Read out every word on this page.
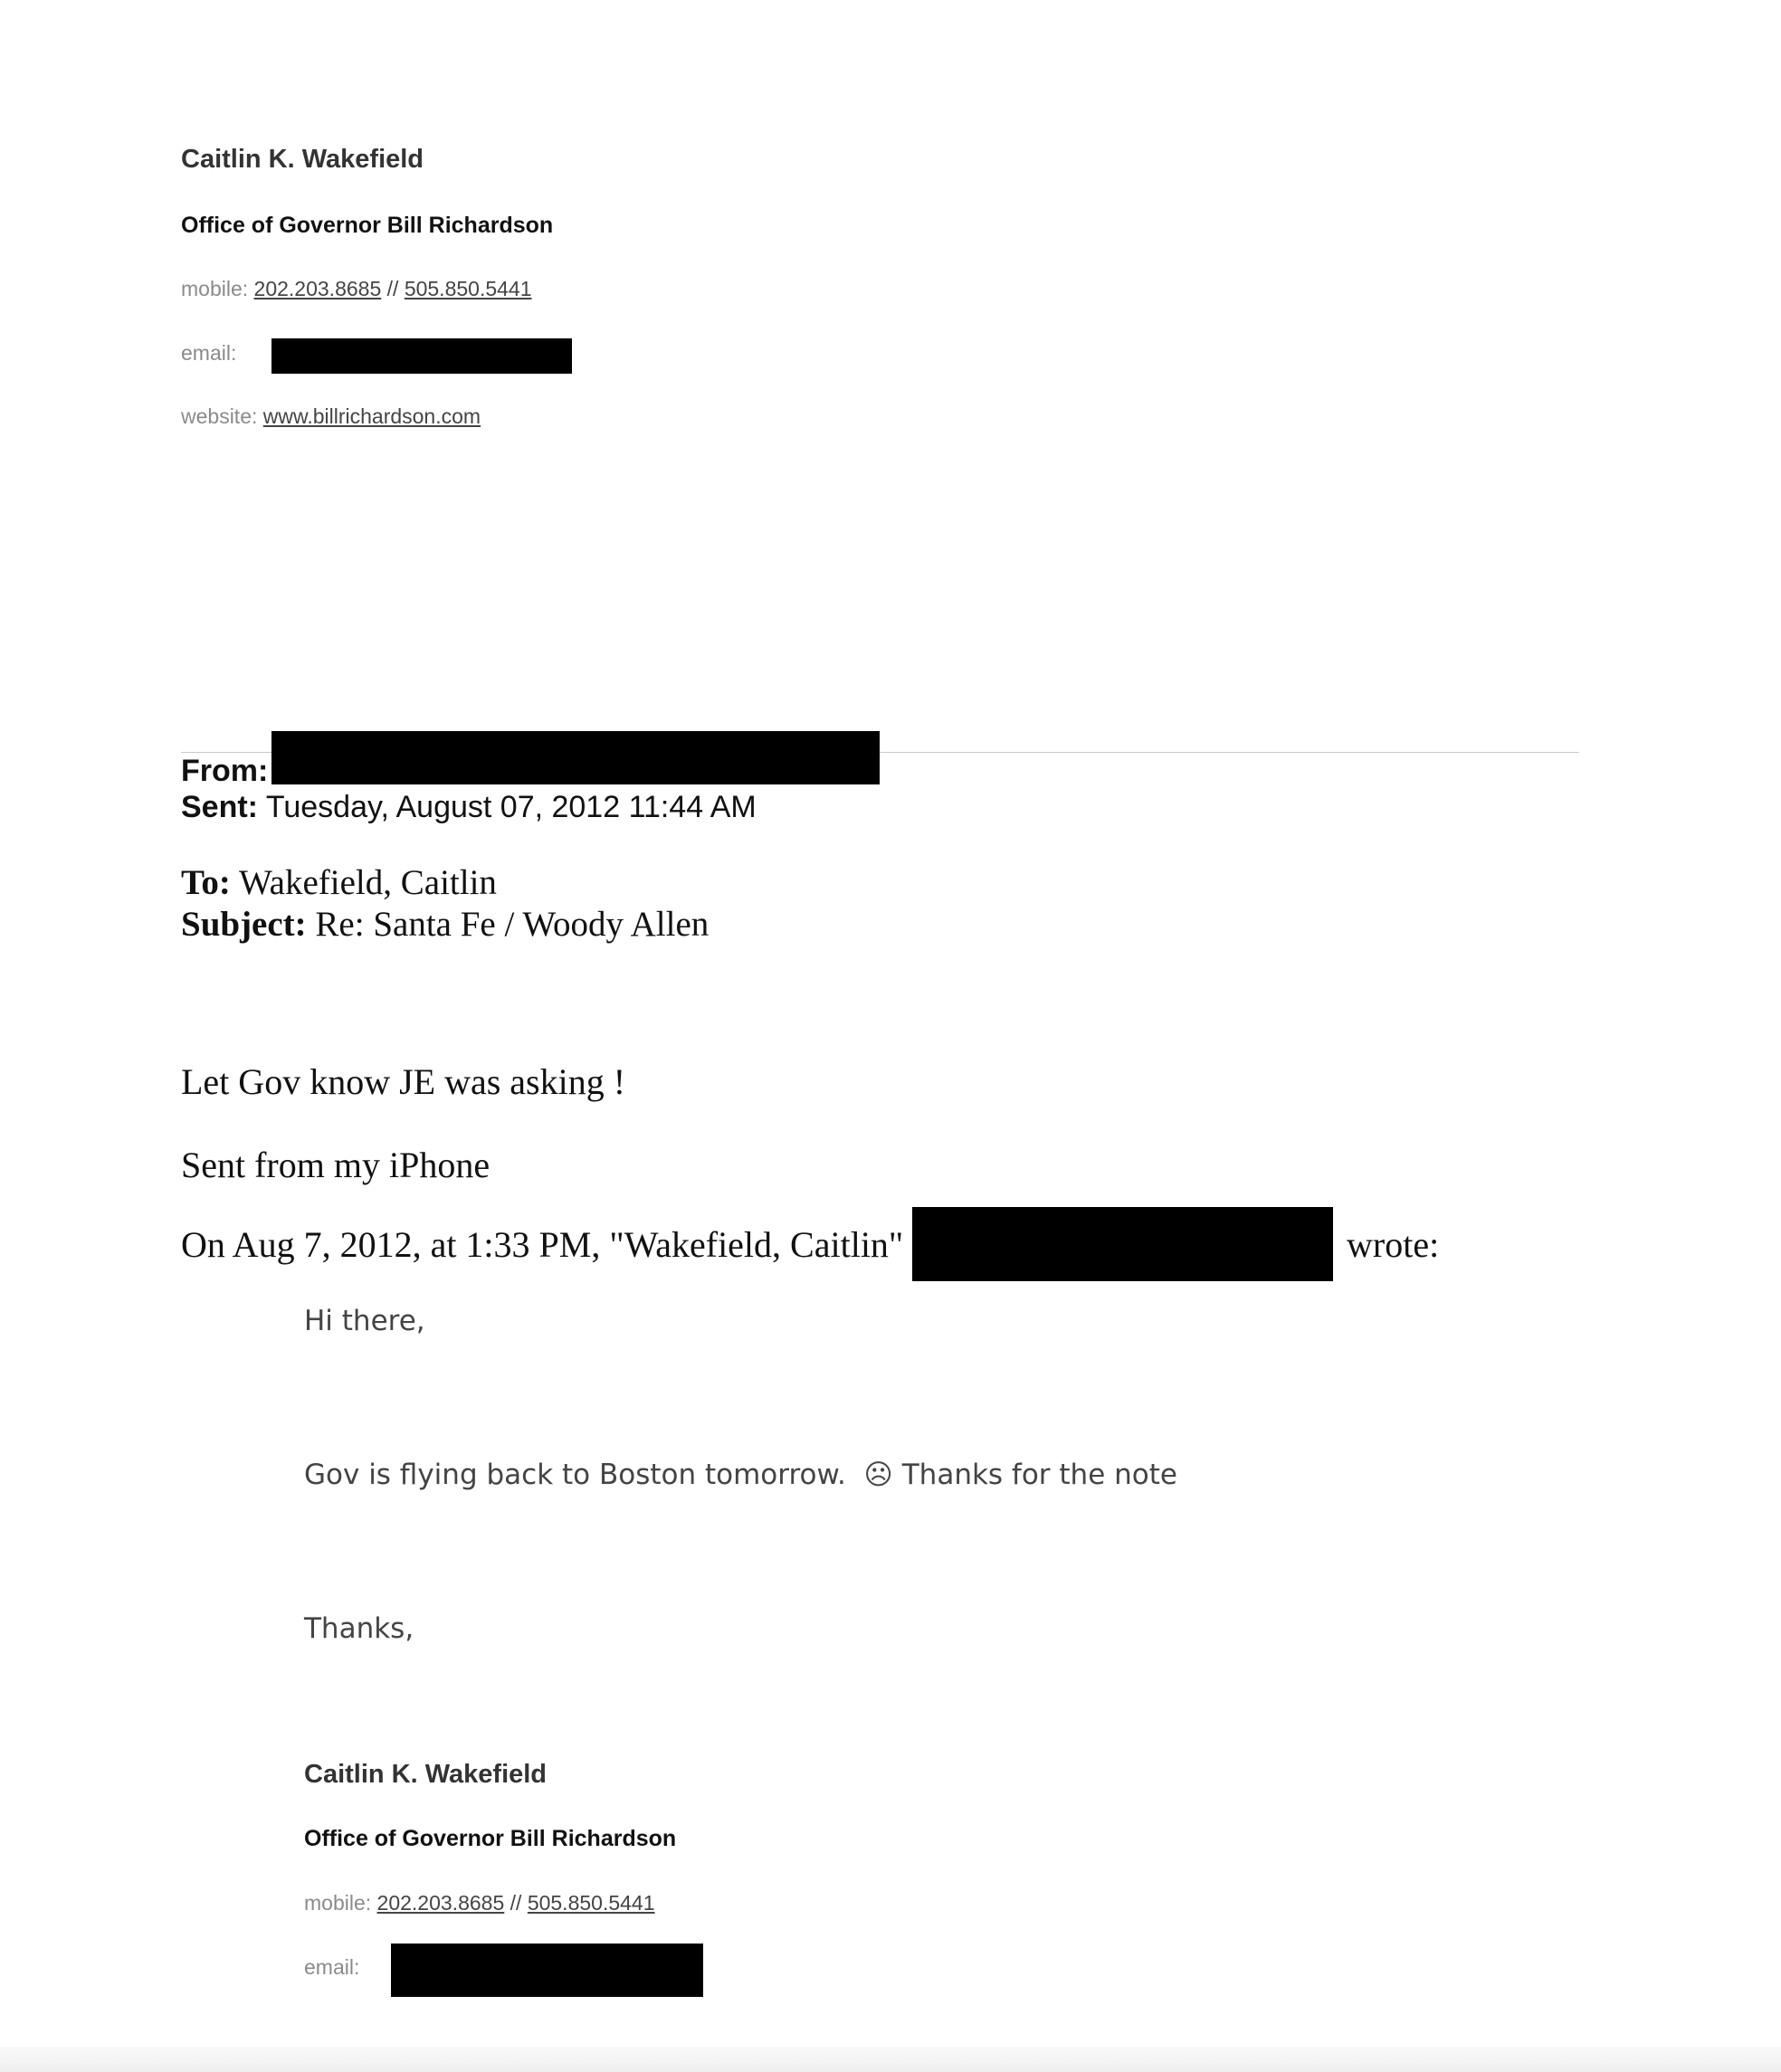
Caitlin K. Wakefield
Office of Governor Bill Richardson
mobile: 202.203.8685 // 505.850.5441
email:
website: www.billrichardson.com
From:
Sent: Tuesday, August 07, 2012 11:44 AM
To: Wakefield, Caitlin
Subject: Re: Santa Fe / Woody Allen
Let Gov know JE was asking !
Sent from my iPhone
On Aug 7, 2012, at 1:33 PM, "Wakefield, Caitlin"	wrote:
Hi there,
Gov is flying back to Boston tomorrow.  ☹ Thanks for the note
Thanks,
Caitlin K. Wakefield
Office of Governor Bill Richardson
mobile: 202.203.8685 // 505.850.5441
email:
